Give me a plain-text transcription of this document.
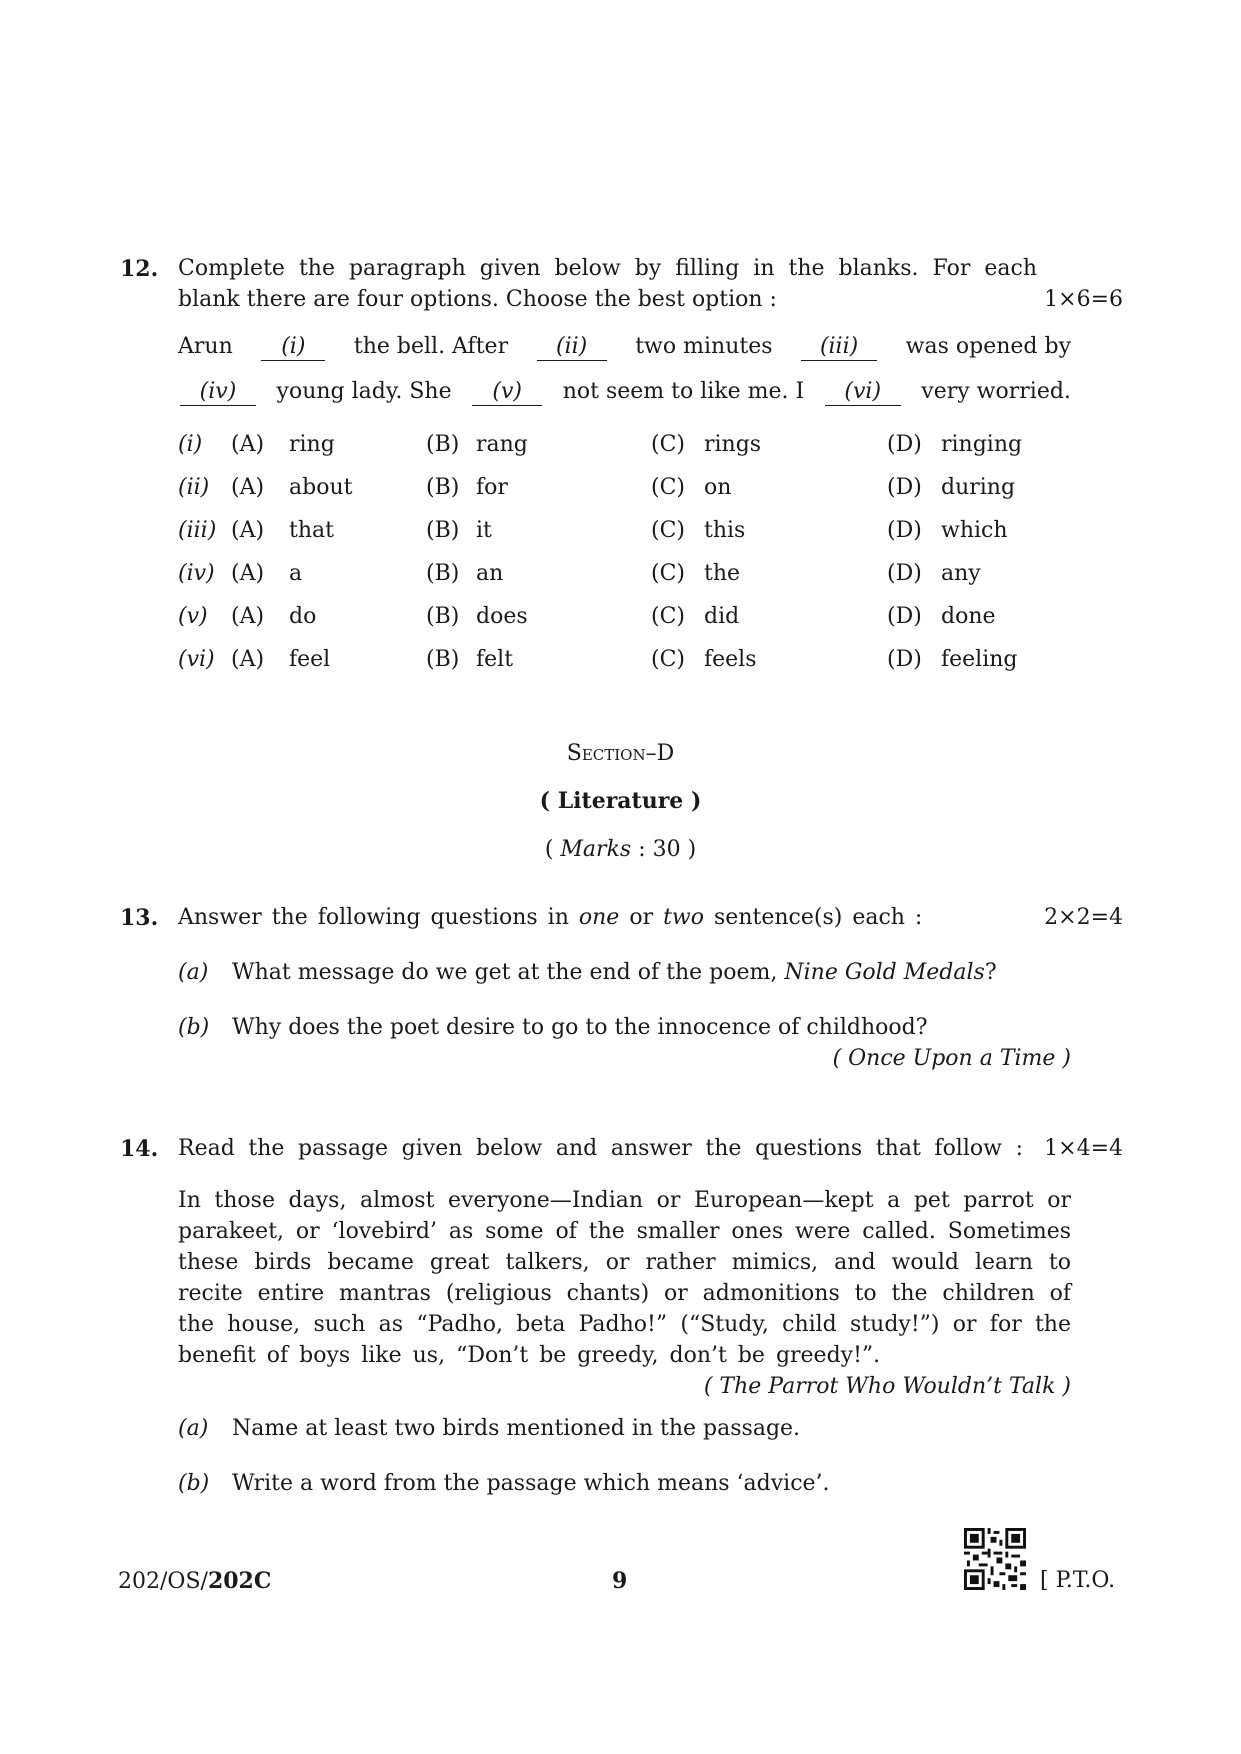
12. Complete the paragraph given below by filling in the blanks. For each
blank there are four options. Choose the best option :	1×6=6
Arun	(i)	the bell. After	(ii)	two minutes	(iii)	was opened by
(iv)	young lady. She	(v)	not seem to like me. I	(vi)	very worried.
(i) (A) ring	(B) rang	(C) rings	(D) ringing
(ii) (A) about	(B) for	(C) on	(D) during
(iii) (A) that	(B) it	(C) this	(D) which
(iv) (A) a	(B) an	(C) the	(D) any
(v) (A) do	(B) does	(C) did	(D) done
(vi) (A) feel	(B) felt	(C) feels	(D) feeling
Section–D
( Literature )
( Marks : 30 )
13. Answer the following questions in one or two sentence(s) each :	2×2=4
(a) What message do we get at the end of the poem, Nine Gold Medals?
(b) Why does the poet desire to go to the innocence of childhood?
( Once Upon a Time )
14. Read the passage given below and answer the questions that follow : 1×4=4
In those days, almost everyone—Indian or European—kept a pet parrot or
parakeet, or ‘lovebird’ as some of the smaller ones were called. Sometimes
these birds became great talkers, or rather mimics, and would learn to
recite entire mantras (religious chants) or admonitions to the children of
the house, such as “Padho, beta Padho!” (“Study, child study!”) or for the
benefit of boys like us, “Don’t be greedy, don’t be greedy!”.
( The Parrot Who Wouldn’t Talk )
(a) Name at least two birds mentioned in the passage.
(b) Write a word from the passage which means ‘advice’.
202/OS/202C	9	[ P.T.O.
